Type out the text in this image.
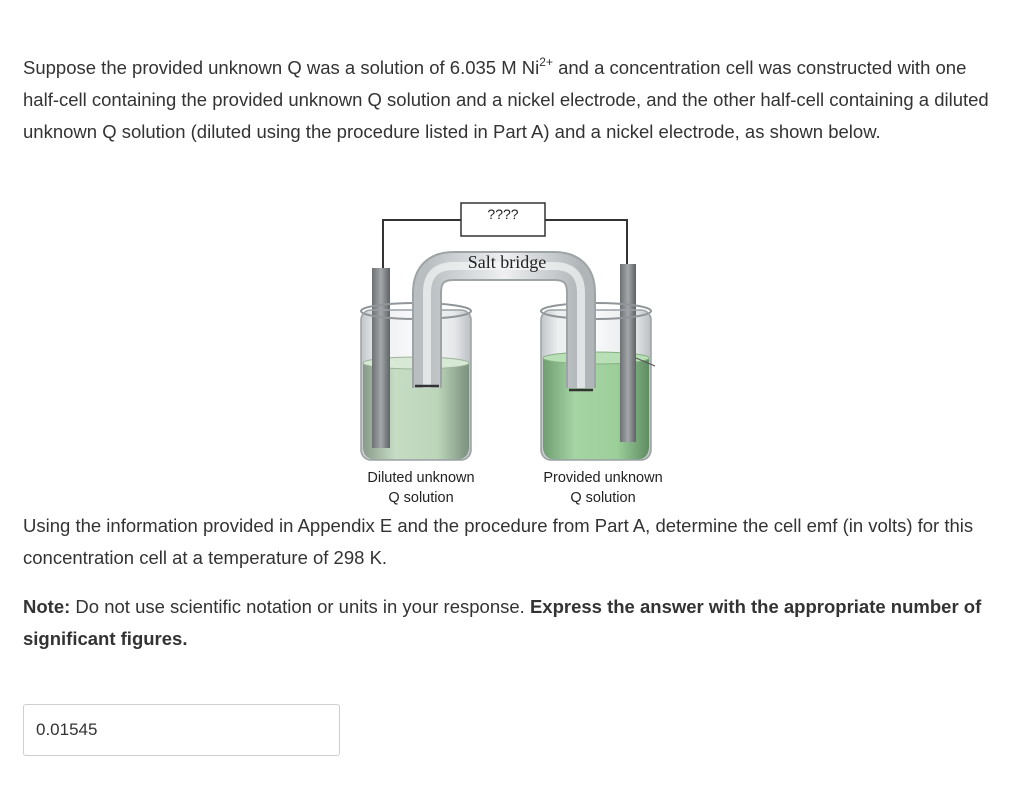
Suppose the provided unknown Q was a solution of 6.035 M $Ni^{2+}$ and a concentration cell was constructed with one half-cell containing the provided unknown Q solution and a nickel electrode, and the other half-cell containing a diluted unknown Q solution (diluted using the procedure listed in Part A) and a nickel electrode, as shown below.

????
Salt bridge
Diluted unknown
Q solution
Provided unknown
Q solution

Using the information provided in Appendix E and the procedure from Part A, determine the cell emf (in volts) for this concentration cell at a temperature of 298 K.

Note: Do not use scientific notation or units in your response. Express the answer with the appropriate number of significant figures.

0.01545
